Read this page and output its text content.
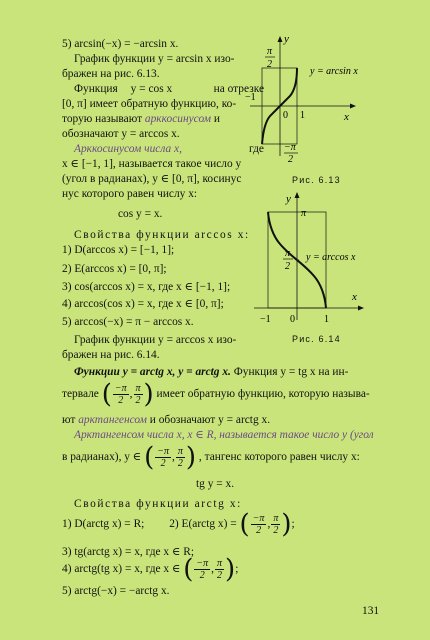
5) arcsin(−x) = −arcsin x.
График функции y = arcsin x изо-
бражен на рис. 6.13.
Функция y = cos x	на отрезке
[0, π] имеет обратную функцию, ко-
торую называют арккосинусом и
обозначают y = arccos x.
Арккосинусом числа x,	где
x ∈ [−1, 1], называется такое число y
(угол в радианах), y ∈ [0, π], косинус
нус которого равен числу x:
cos y = x.
Свойства функции arccos x:
1) D(arccos x) = [−1, 1];
2) E(arccos x) = [0, π];
3) cos(arccos x) = x, где x ∈ [−1, 1];
4) arccos(cos x) = x, где x ∈ [0, π];
5) arccos(−x) = π − arccos x.
График функции y = arccos x изо-
бражен на рис. 6.14.
y
x
π
2
−1
0 1
y = arcsin x
−π
2
Рис. 6.13
y
x
π
π
2
y = arccos x
−1 0	1
Рис. 6.14
Функции y = arctg x, y = arctg x. Функция y = tg x на ин-
тервале ( $\frac{-\pi}{2}$ , $\frac{\pi}{2}$ ) имеет обратную функцию, которую называ-
ют арктангенсом и обозначают y = arctg x.
Арктангенсом числа x, x ∈ R, называется такое число y (угол
в радианах), y ∈ ( $\frac{-\pi}{2}$ , $\frac{\pi}{2}$ ) , тангенс которого равен числу x:
tg y = x.
Свойства функции arctg x:
1) D(arctg x) = R; 2) E(arctg x) = ( $\frac{-\pi}{2}$ , $\frac{\pi}{2}$ );
3) tg(arctg x) = x, где x ∈ R;
4) arctg(tg x) = x, где x ∈ ( $\frac{-\pi}{2}$ , $\frac{\pi}{2}$ );
5) arctg(−x) = −arctg x.
131
